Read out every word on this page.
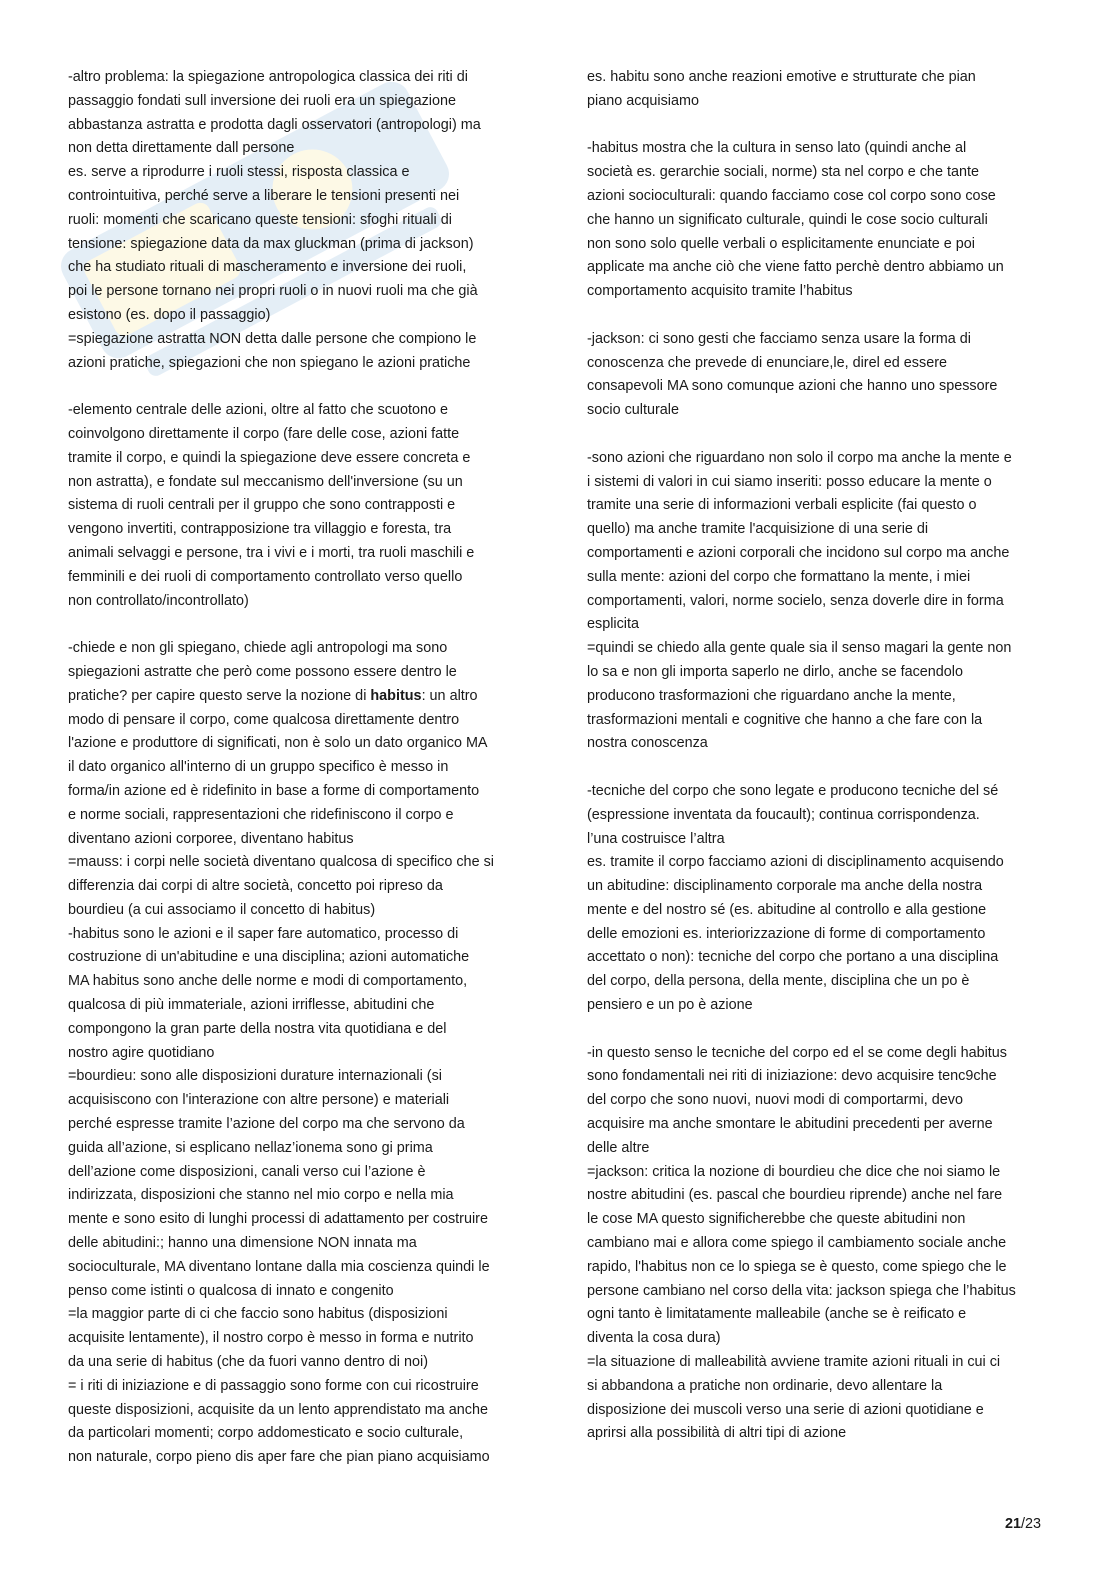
-altro problema: la spiegazione antropologica classica dei riti di
passaggio fondati sull inversione dei ruoli era un spiegazione
abbastanza astratta e prodotta dagli osservatori (antropologi) ma
non detta direttamente dall persone
es. serve a riprodurre i ruoli stessi, risposta classica e
controintuitiva, perché serve a liberare le tensioni presenti nei
ruoli: momenti che scaricano queste tensioni: sfoghi rituali di
tensione: spiegazione data da max gluckman (prima di jackson)
che ha studiato rituali di mascheramento e inversione dei ruoli,
poi le persone tornano nei propri ruoli o in nuovi ruoli ma che già
esistono (es. dopo il passaggio)
=spiegazione astratta NON detta dalle persone che compiono le
azioni pratiche, spiegazioni che non spiegano le azioni pratiche
-elemento centrale delle azioni, oltre al fatto che scuotono e
coinvolgono direttamente il corpo (fare delle cose, azioni fatte
tramite il corpo, e quindi la spiegazione deve essere concreta e
non astratta), e fondate sul meccanismo dell'inversione (su un
sistema di ruoli centrali per il gruppo che sono contrapposti e
vengono invertiti, contrapposizione tra villaggio e foresta, tra
animali selvaggi e persone, tra i vivi e i morti, tra ruoli maschili e
femminili e dei ruoli di comportamento controllato verso quello
non controllato/incontrollato)
-chiede e non gli spiegano, chiede agli antropologi ma sono
spiegazioni astratte che però come possono essere dentro le
pratiche? per capire questo serve la nozione di habitus: un altro
modo di pensare il corpo, come qualcosa direttamente dentro
l'azione e produttore di significati, non è solo un dato organico MA
il dato organico all'interno di un gruppo specifico è messo in
forma/in azione ed è ridefinito in base a forme di comportamento
e norme sociali, rappresentazioni che ridefiniscono il corpo e
diventano azioni corporee, diventano habitus
=mauss: i corpi nelle società diventano qualcosa di specifico che si
differenzia dai corpi di altre società, concetto poi ripreso da
bourdieu (a cui associamo il concetto di habitus)
-habitus sono le azioni e il saper fare automatico, processo di
costruzione di un'abitudine e una disciplina; azioni automatiche
MA habitus sono anche delle norme e modi di comportamento,
qualcosa di più immateriale, azioni irriflesse, abitudini che
compongono la gran parte della nostra vita quotidiana e del
nostro agire quotidiano
=bourdieu: sono alle disposizioni durature internazionali (si
acquisiscono con l'interazione con altre persone) e materiali
perché espresse tramite l’azione del corpo ma che servono da
guida all’azione, si esplicano nellaz’ionema sono gi prima
dell’azione come disposizioni, canali verso cui l’azione è
indirizzata, disposizioni che stanno nel mio corpo e nella mia
mente e sono esito di lunghi processi di adattamento per costruire
delle abitudini:; hanno una dimensione NON innata ma
socioculturale, MA diventano lontane dalla mia coscienza quindi le
penso come istinti o qualcosa di innato e congenito
=la maggior parte di ci che faccio sono habitus (disposizioni
acquisite lentamente), il nostro corpo è messo in forma e nutrito
da una serie di habitus (che da fuori vanno dentro di noi)
= i riti di iniziazione e di passaggio sono forme con cui ricostruire
queste disposizioni, acquisite da un lento apprendistato ma anche
da particolari momenti; corpo addomesticato e socio culturale,
non naturale, corpo pieno dis aper fare che pian piano acquisiamo
es. habitu sono anche reazioni emotive e strutturate che pian
piano acquisiamo
-habitus mostra che la cultura in senso lato (quindi anche al
società es. gerarchie sociali, norme) sta nel corpo e che tante
azioni socioculturali: quando facciamo cose col corpo sono cose
che hanno un significato culturale, quindi le cose socio culturali
non sono solo quelle verbali o esplicitamente enunciate e poi
applicate ma anche ciò che viene fatto perchè dentro abbiamo un
comportamento acquisito tramite l’habitus
-jackson: ci sono gesti che facciamo senza usare la forma di
conoscenza che prevede di enunciare,le, direl ed essere
consapevoli MA sono comunque azioni che hanno uno spessore
socio culturale
-sono azioni che riguardano non solo il corpo ma anche la mente e
i sistemi di valori in cui siamo inseriti: posso educare la mente o
tramite una serie di informazioni verbali esplicite (fai questo o
quello) ma anche tramite l'acquisizione di una serie di
comportamenti e azioni corporali che incidono sul corpo ma anche
sulla mente: azioni del corpo che formattano la mente, i miei
comportamenti, valori, norme socielo, senza doverle dire in forma
esplicita
=quindi se chiedo alla gente quale sia il senso magari la gente non
lo sa e non gli importa saperlo ne dirlo, anche se facendolo
producono trasformazioni che riguardano anche la mente,
trasformazioni mentali e cognitive che hanno a che fare con la
nostra conoscenza
-tecniche del corpo che sono legate e producono tecniche del sé
(espressione inventata da foucault); continua corrispondenza.
l’una costruisce l’altra
es. tramite il corpo facciamo azioni di disciplinamento acquisendo
un abitudine: disciplinamento corporale ma anche della nostra
mente e del nostro sé (es. abitudine al controllo e alla gestione
delle emozioni es. interiorizzazione di forme di comportamento
accettato o non): tecniche del corpo che portano a una disciplina
del corpo, della persona, della mente, disciplina che un po è
pensiero e un po è azione
-in questo senso le tecniche del corpo ed el se come degli habitus
sono fondamentali nei riti di iniziazione: devo acquisire tenc9che
del corpo che sono nuovi, nuovi modi di comportarmi, devo
acquisire ma anche smontare le abitudini precedenti per averne
delle altre
=jackson: critica la nozione di bourdieu che dice che noi siamo le
nostre abitudini (es. pascal che bourdieu riprende) anche nel fare
le cose MA questo significherebbe che queste abitudini non
cambiano mai e allora come spiego il cambiamento sociale anche
rapido, l'habitus non ce lo spiega se è questo, come spiego che le
persone cambiano nel corso della vita: jackson spiega che l’habitus
ogni tanto è limitatamente malleabile (anche se è reificato e
diventa la cosa dura)
=la situazione di malleabilità avviene tramite azioni rituali in cui ci
si abbandona a pratiche non ordinarie, devo allentare la
disposizione dei muscoli verso una serie di azioni quotidiane e
aprirsi alla possibilità di altri tipi di azione
21/23
